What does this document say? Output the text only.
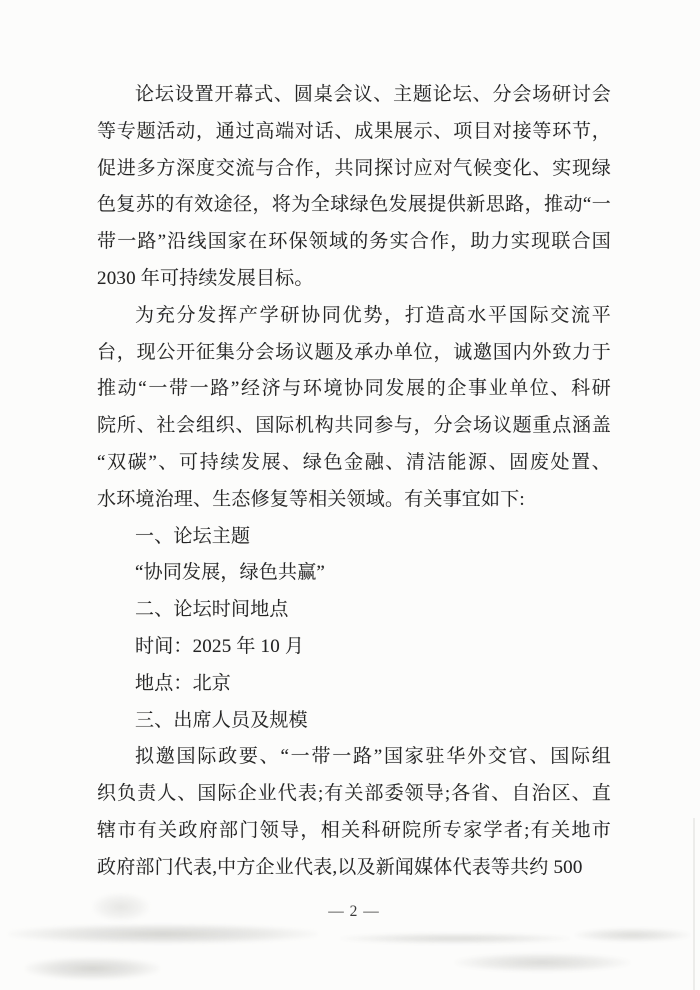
论坛设置开幕式、圆桌会议、主题论坛、分会场研讨会
等专题活动，通过高端对话、成果展示、项目对接等环节，
促进多方深度交流与合作，共同探讨应对气候变化、实现绿
色复苏的有效途径，将为全球绿色发展提供新思路，推动“一
带一路”沿线国家在环保领域的务实合作，助力实现联合国
2030 年可持续发展目标。
为充分发挥产学研协同优势，打造高水平国际交流平
台，现公开征集分会场议题及承办单位，诚邀国内外致力于
推动“一带一路”经济与环境协同发展的企事业单位、科研
院所、社会组织、国际机构共同参与，分会场议题重点涵盖
“双碳”、可持续发展、绿色金融、清洁能源、固废处置、
水环境治理、生态修复等相关领域。有关事宜如下:
一、论坛主题
“协同发展，绿色共赢”
二、论坛时间地点
时间：2025 年 10 月
地点：北京
三、出席人员及规模
拟邀国际政要、“一带一路”国家驻华外交官、国际组
织负责人、国际企业代表;有关部委领导;各省、自治区、直
辖市有关政府部门领导，相关科研院所专家学者;有关地市
政府部门代表,中方企业代表,以及新闻媒体代表等共约 500
— 2 —
